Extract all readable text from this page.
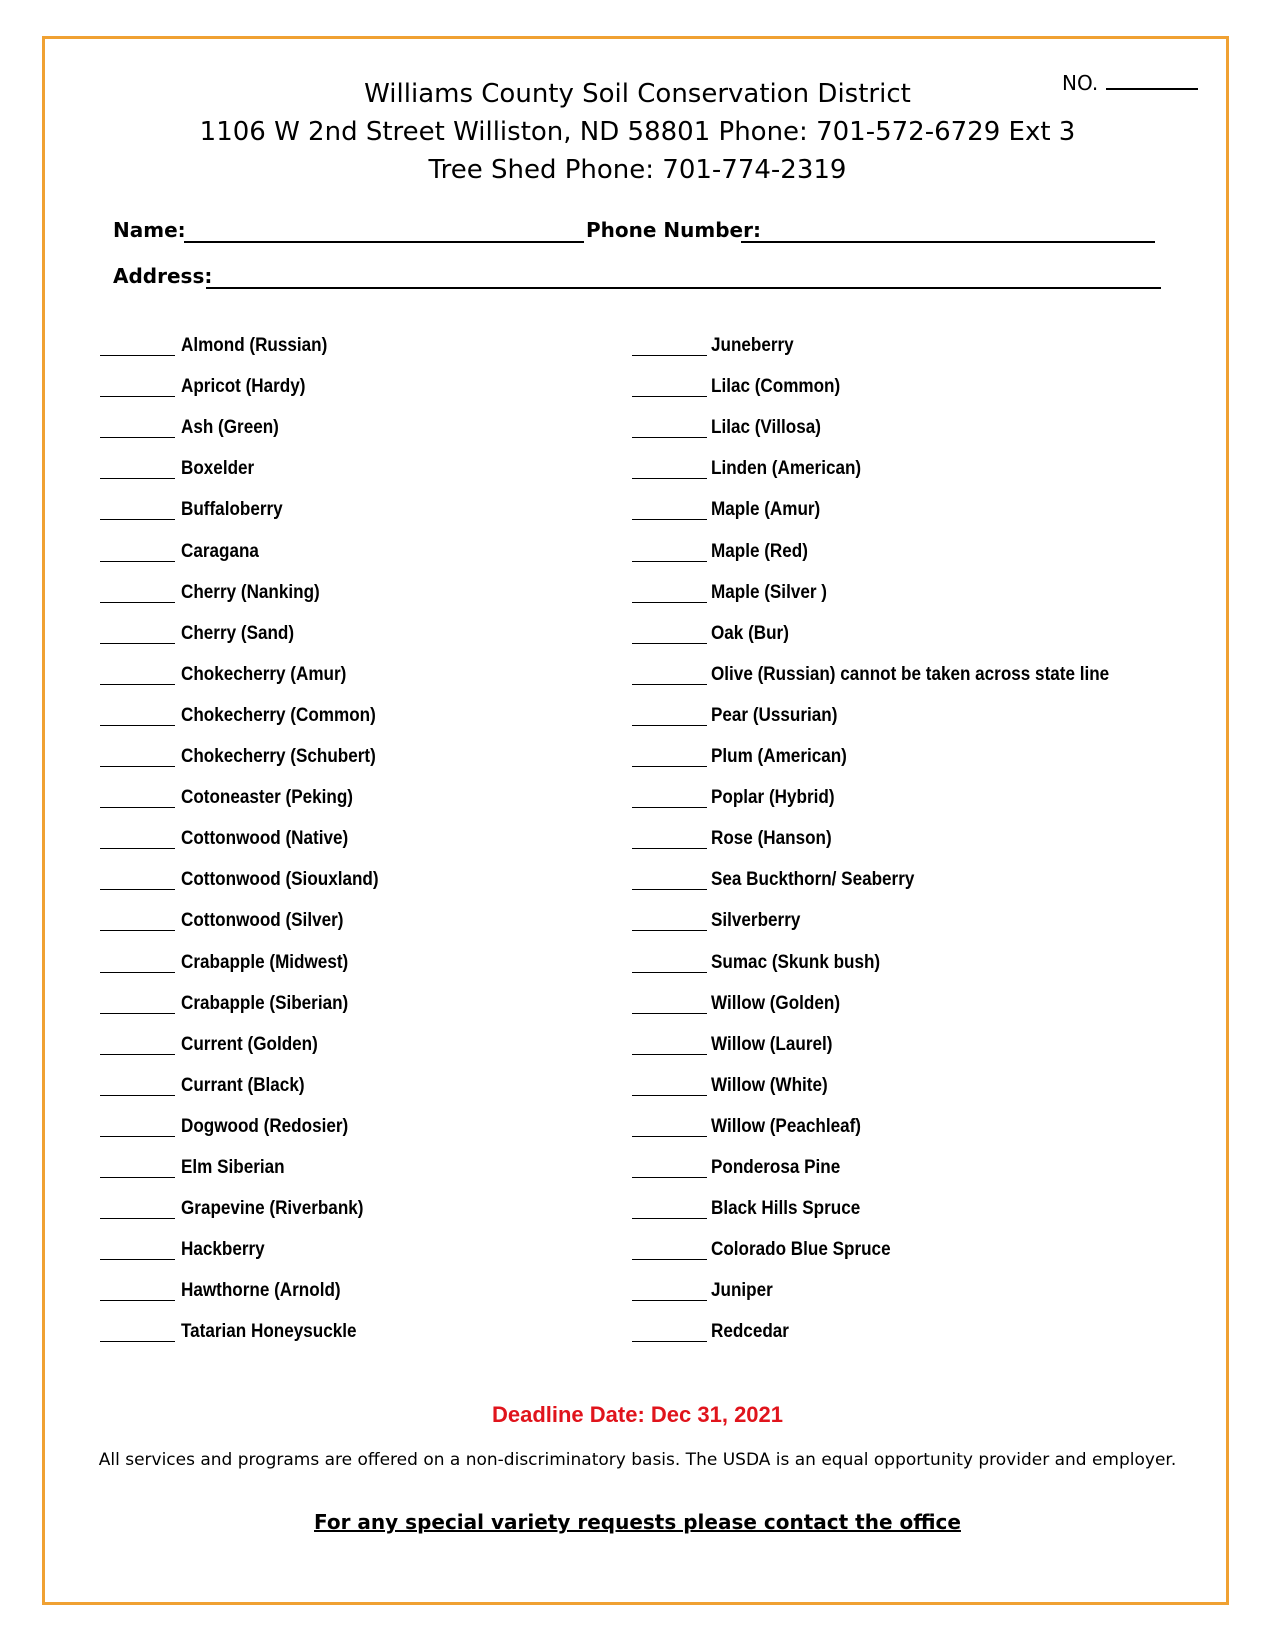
Williams County Soil Conservation District
1106 W 2nd Street Williston, ND 58801 Phone: 701-572-6729 Ext 3
Tree Shed Phone: 701-774-2319
NO.
Name:	Phone Number:
Address:
Almond (Russian)
Apricot (Hardy)
Ash (Green)
Boxelder
Buffaloberry
Caragana
Cherry (Nanking)
Cherry (Sand)
Chokecherry (Amur)
Chokecherry (Common)
Chokecherry (Schubert)
Cotoneaster (Peking)
Cottonwood (Native)
Cottonwood (Siouxland)
Cottonwood (Silver)
Crabapple (Midwest)
Crabapple (Siberian)
Current (Golden)
Currant (Black)
Dogwood (Redosier)
Elm Siberian
Grapevine (Riverbank)
Hackberry
Hawthorne (Arnold)
Tatarian Honeysuckle
Juneberry
Lilac (Common)
Lilac (Villosa)
Linden (American)
Maple (Amur)
Maple (Red)
Maple (Silver )
Oak (Bur)
Olive (Russian) cannot be taken across state line
Pear (Ussurian)
Plum (American)
Poplar (Hybrid)
Rose (Hanson)
Sea Buckthorn/ Seaberry
Silverberry
Sumac (Skunk bush)
Willow (Golden)
Willow (Laurel)
Willow (White)
Willow (Peachleaf)
Ponderosa Pine
Black Hills Spruce
Colorado Blue Spruce
Juniper
Redcedar
Deadline Date: Dec 31, 2021
All services and programs are offered on a non-discriminatory basis. The USDA is an equal opportunity provider and employer.
For any special variety requests please contact the office
